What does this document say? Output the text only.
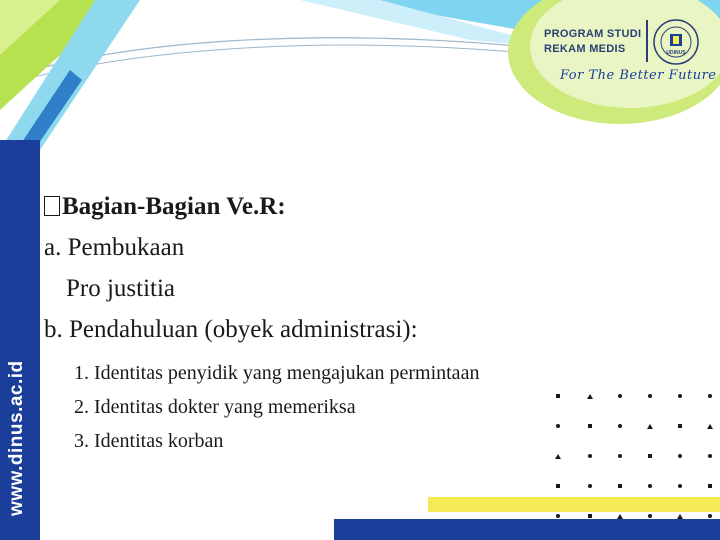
www.dinus.ac.id
PROGRAM STUDI
REKAM MEDIS	UDINUS
For The Better Future
Bagian-Bagian Ve.R:
a. Pembukaan
Pro justitia
b. Pendahuluan (obyek administrasi):
1. Identitas penyidik yang mengajukan permintaan
2. Identitas dokter yang memeriksa
3. Identitas korban
